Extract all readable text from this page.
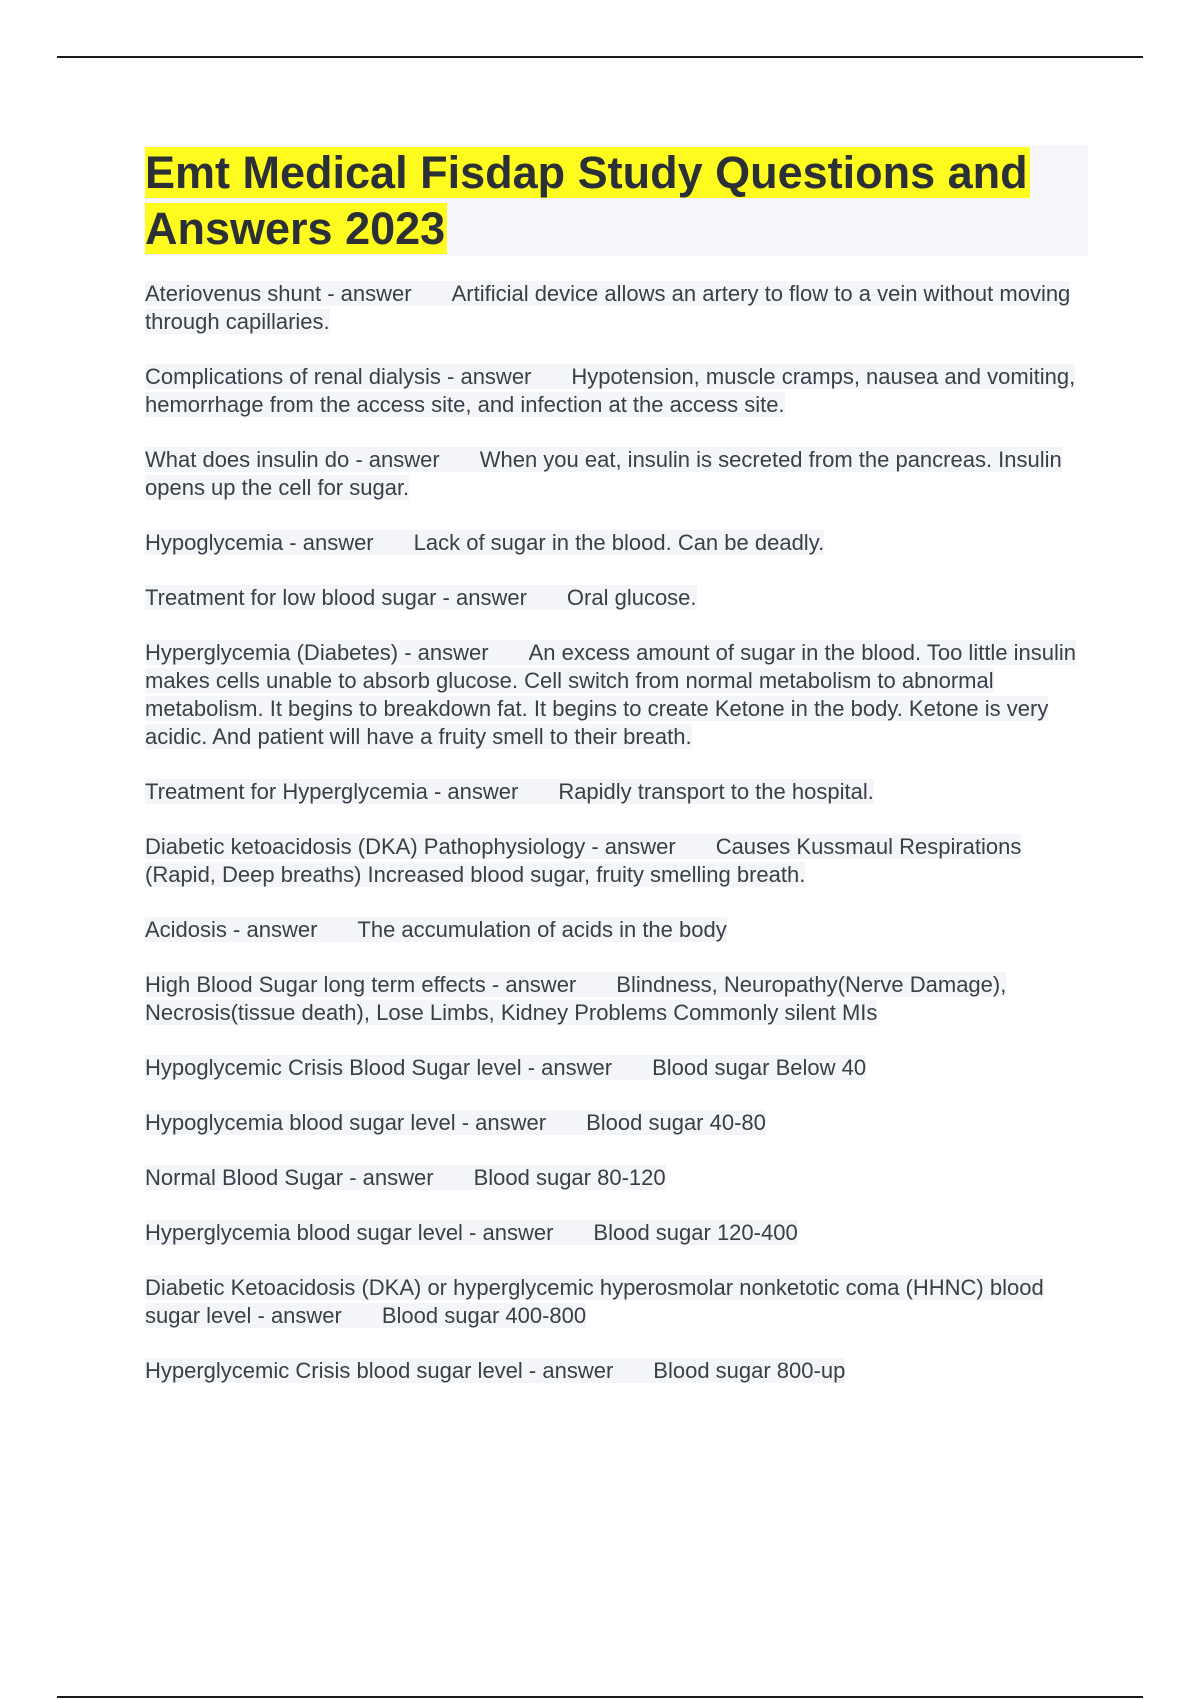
Emt Medical Fisdap Study Questions and Answers 2023
Ateriovenus shunt - answer Artificial device allows an artery to flow to a vein without moving through capillaries.
Complications of renal dialysis - answer Hypotension, muscle cramps, nausea and vomiting, hemorrhage from the access site, and infection at the access site.
What does insulin do - answer When you eat, insulin is secreted from the pancreas. Insulin opens up the cell for sugar.
Hypoglycemia - answer Lack of sugar in the blood. Can be deadly.
Treatment for low blood sugar - answer Oral glucose.
Hyperglycemia (Diabetes) - answer An excess amount of sugar in the blood. Too little insulin makes cells unable to absorb glucose. Cell switch from normal metabolism to abnormal metabolism. It begins to breakdown fat. It begins to create Ketone in the body. Ketone is very acidic. And patient will have a fruity smell to their breath.
Treatment for Hyperglycemia - answer Rapidly transport to the hospital.
Diabetic ketoacidosis (DKA) Pathophysiology - answer Causes Kussmaul Respirations (Rapid, Deep breaths) Increased blood sugar, fruity smelling breath.
Acidosis - answer The accumulation of acids in the body
High Blood Sugar long term effects - answer Blindness, Neuropathy(Nerve Damage), Necrosis(tissue death), Lose Limbs, Kidney Problems Commonly silent MIs
Hypoglycemic Crisis Blood Sugar level - answer Blood sugar Below 40
Hypoglycemia blood sugar level - answer Blood sugar 40-80
Normal Blood Sugar - answer Blood sugar 80-120
Hyperglycemia blood sugar level - answer Blood sugar 120-400
Diabetic Ketoacidosis (DKA) or hyperglycemic hyperosmolar nonketotic coma (HHNC) blood sugar level - answer Blood sugar 400-800
Hyperglycemic Crisis blood sugar level - answer Blood sugar 800-up
